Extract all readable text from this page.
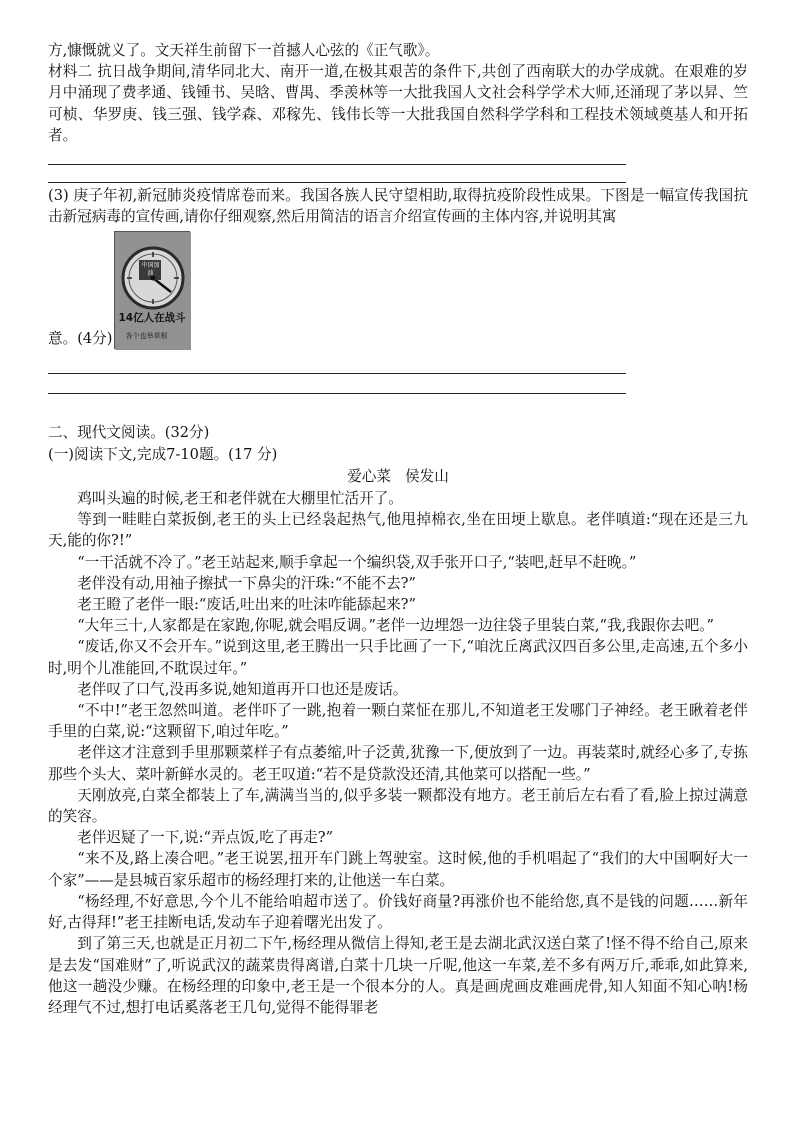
方,慷慨就义了。文天祥生前留下一首撼人心弦的《正气歌》。

材料二 抗日战争期间,清华同北大、南开一道,在极其艰苦的条件下,共创了西南联大的办学成就。在艰难的岁月中涌现了费孝通、钱锺书、吴晗、曹禺、季羡林等一大批我国人文社会科学学术大师,还涌现了茅以昇、竺可桢、华罗庚、钱三强、钱学森、邓稼先、钱伟长等一大批我国自然科学学科和工程技术领域奠基人和开拓者。

(3) 庚子年初,新冠肺炎疫情席卷而来。我国各族人民守望相助,取得抗疫阶段性成果。下图是一幅宣传我国抗击新冠病毒的宣传画,请你仔细观察,然后用简洁的语言介绍宣传画的主体内容,并说明其寓

意。(4分)
中国加油
14亿人在战斗
各个也举草根

二、现代文阅读。(32分)

(一)阅读下文,完成7-10题。(17 分)

爱心菜 侯发山

鸡叫头遍的时候,老王和老伴就在大棚里忙活开了。

等到一畦畦白菜扳倒,老王的头上已经袅起热气,他甩掉棉衣,坐在田埂上歇息。老伴嗔道:“现在还是三九天,能的你?!”

“一干活就不冷了。”老王站起来,顺手拿起一个编织袋,双手张开口子,“装吧,赶早不赶晚。”

老伴没有动,用袖子擦拭一下鼻尖的汗珠:“不能不去?”

老王瞪了老伴一眼:“废话,吐出来的吐沫咋能舔起来?”

“大年三十,人家都是在家跑,你呢,就会唱反调。”老伴一边埋怨一边往袋子里装白菜,“我,我跟你去吧。”

“废话,你又不会开车。”说到这里,老王腾出一只手比画了一下,“咱沈丘离武汉四百多公里,走高速,五个多小时,明个儿准能回,不耽误过年。”

老伴叹了口气,没再多说,她知道再开口也还是废话。

“不中!”老王忽然叫道。老伴吓了一跳,抱着一颗白菜怔在那儿,不知道老王发哪门子神经。老王瞅着老伴手里的白菜,说:“这颗留下,咱过年吃。”

老伴这才注意到手里那颗菜样子有点萎缩,叶子泛黄,犹豫一下,便放到了一边。再装菜时,就经心多了,专拣那些个头大、菜叶新鲜水灵的。老王叹道:“若不是贷款没还清,其他菜可以搭配一些。”

天刚放亮,白菜全都装上了车,满满当当的,似乎多装一颗都没有地方。老王前后左右看了看,脸上掠过满意的笑容。

老伴迟疑了一下,说:“弄点饭,吃了再走?”

“来不及,路上凑合吧。”老王说罢,扭开车门跳上驾驶室。这时候,他的手机唱起了“我们的大中国啊好大一个家”——是县城百家乐超市的杨经理打来的,让他送一车白菜。

“杨经理,不好意思,今个儿不能给咱超市送了。价钱好商量?再涨价也不能给您,真不是钱的问题……新年好,古得拜!”老王挂断电话,发动车子迎着曙光出发了。

到了第三天,也就是正月初二下午,杨经理从微信上得知,老王是去湖北武汉送白菜了!怪不得不给自己,原来是去发“国难财”了,听说武汉的蔬菜贵得离谱,白菜十几块一斤呢,他这一车菜,差不多有两万斤,乖乖,如此算来,他这一趟没少赚。在杨经理的印象中,老王是一个很本分的人。真是画虎画皮难画虎骨,知人知面不知心呐!杨经理气不过,想打电话奚落老王几句,觉得不能得罪老
